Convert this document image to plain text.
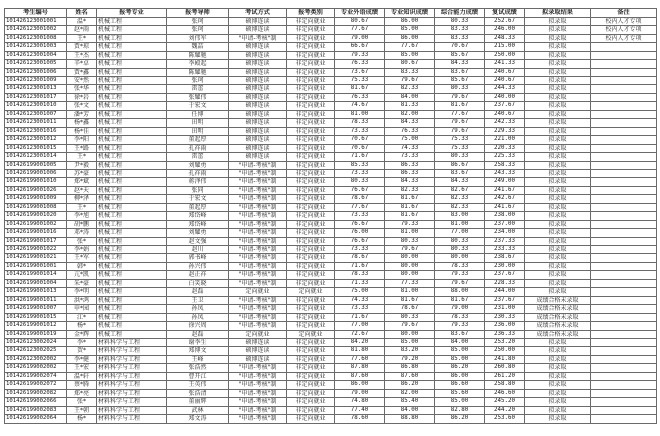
考生编号	姓名	报考专业	报考导师	考试方式	报考类别	专业外语成绩	专业知识成绩	综合能力成绩	复试成绩	拟录取结果	备注
101426123001001	温*	机械工程	张珂	硕博连读	非定向就业	80.67	86.00	80.33	252.67	拟录取	校内人才专项
101426123001002	赵*雨	机械工程	张珂	硕博连读	非定向就业	77.67	85.00	83.33	246.00	拟录取	校内人才专项
101426123001008	王*	机械工程	刘伟军	"申请-考核"制	非定向就业	79.00	86.00	83.33	248.33	拟录取	校内人才专项
101426123001003	贾*琼	机械工程	魏喆	硕博连读	非定向就业	66.67	77.67	70.67	215.00	拟录取	
101426123001004	王*杰	机械工程	陈耀驰	硕博连读	非定向就业	79.33	85.00	85.67	250.00	拟录取	
101426123001005	辛*卓	机械工程	李殿起	硕博连读	非定向就业	76.33	80.67	84.33	241.33	拟录取	
101426123001006	贾*鑫	机械工程	陈耀驰	硕博连读	非定向就业	73.67	83.33	83.67	240.67	拟录取	
101426123001009	安*然	机械工程	张珂	硕博连读	非定向就业	75.33	79.67	85.67	240.67	拟录取	
101426123001013	张*华	机械工程	雷蕾	硕博连读	非定向就业	81.67	82.33	80.33	244.33	拟录取	
101426123001017	徐*岩	机械工程	张耀伟	硕博连读	非定向就业	76.33	84.00	79.67	240.00	拟录取	
101426123001010	张*文	机械工程	于宏文	硕博连读	非定向就业	74.67	81.33	81.67	237.67	拟录取	
101426123001007	潘*芳	机械工程	任博	硕博连读	非定向就业	81.00	82.00	77.67	240.67	拟录取	
101426123001011	杨*鑫	机械工程	田明	硕博连读	非定向就业	78.33	84.33	79.67	242.33	拟录取	
101426123001016	杨*佳	机械工程	田明	硕博连读	非定向就业	73.33	76.33	79.67	229.33	拟录取	
101426123001012	李*阳	机械工程	董起厚	硕博连读	非定向就业	70.67	75.00	75.33	221.00	拟录取	
101426123001015	王*路	机械工程	孔祥雨	硕博连读	非定向就业	70.67	74.33	75.33	220.33	拟录取	
101426123001014	王*	机械工程	雷蕾	硕博连读	非定向就业	71.67	73.33	80.33	225.33	拟录取	
101426199001005	尹*毅	机械工程	刘耀勇	"申请-考核"制	非定向就业	85.33	86.33	86.67	258.33	拟录取	
101426199001006	苏*豪	机械工程	孔祥雨	"申请-考核"制	非定向就业	73.33	86.33	83.67	243.33	拟录取	
101426199001010	郑*斌	机械工程	蒋泽伟	"申请-考核"制	非定向就业	80.33	84.33	84.33	249.00	拟录取	
101426199001026	赵*天	机械工程	张同	"申请-考核"制	非定向就业	76.67	82.33	82.67	241.67	拟录取	
101426199001009	柳*泽	机械工程	于宏文	"申请-考核"制	非定向就业	78.67	81.67	82.33	242.67	拟录取	
101426199001008	王*	机械工程	董起厚	"申请-考核"制	非定向就业	77.67	81.67	82.33	241.67	拟录取	
101426199001020	李*旭	机械工程	郑岱峰	"申请-考核"制	非定向就业	73.33	81.67	83.00	238.00	拟录取	
101426199001002	胡*鹏	机械工程	郑岱峰	"申请-考核"制	非定向就业	76.67	79.33	81.00	237.00	拟录取	
101426199001016	邓*涛	机械工程	刘耀勇	"申请-考核"制	非定向就业	76.00	81.00	77.00	234.00	拟录取	
101426199001017	张*	机械工程	赵文强	"申请-考核"制	非定向就业	76.67	80.33	80.33	237.33	拟录取	
101426199001022	李*娟	机械工程	赵川	"申请-考核"制	非定向就业	73.33	79.67	80.33	233.33	拟录取	
101426199001021	王*军	机械工程	郭书峰	"申请-考核"制	非定向就业	78.67	80.00	80.00	238.67	拟录取	
101426199001001	韩*	机械工程	孙兴伟	"申请-考核"制	非定向就业	71.67	80.00	78.33	230.00	拟录取	
101426199001014	亢*凯	机械工程	赵正祥	"申请-考核"制	非定向就业	78.33	80.00	79.33	237.67	拟录取	
101426199001004	朱*豪	机械工程	白笑晓	"申请-考核"制	非定向就业	71.33	77.33	79.67	228.33	拟录取	
101426199001013	李*明	机械工程	赵磊	定向就业	定向就业	75.00	81.00	88.00	244.00	拟录取	
101426199001011	洪*鸿	机械工程	王卫	"申请-考核"制	非定向就业	74.33	81.67	81.67	237.67	成绩合格未录取	
101426199001007	申*园	机械工程	孙凤	"申请-考核"制	非定向就业	73.33	78.67	79.00	231.00	成绩合格未录取	
101426199001015	江*	机械工程	孙凤	"申请-考核"制	非定向就业	71.67	80.33	78.33	230.33	成绩合格未录取	
101426199001012	杨*	机械工程	徐兴周	"申请-考核"制	非定向就业	77.00	79.67	79.33	236.00	成绩合格未录取	
101426199001019	金*辉	机械工程	赵磊	定向就业	定向就业	72.67	80.00	83.67	236.33	成绩合格未录取	
101426123002024	李*	材料科学与工程	谢李生	硕博连读	非定向就业	84.20	85.00	84.00	253.20	拟录取	
101426123002025	贺*	材料科学与工程	郑博文	硕博连读	非定向就业	81.80	83.20	85.00	250.00	拟录取	
101426123002002	李*健	材料科学与工程	王峰	硕博连读	非定向就业	77.60	79.20	85.00	241.80	拟录取	
101426199002002	王*宏	材料科学与工程	张浩然	"申请-考核"制	非定向就业	87.80	86.80	86.20	260.80	拟录取	
101426199002074	温*轩	材料科学与工程	曹开江	"申请-考核"制	非定向就业	87.60	87.60	86.00	261.20	拟录取	
101426199002072	蔡*腾	材料科学与工程	王英伟	"申请-考核"制	非定向就业	86.00	86.20	86.60	258.80	拟录取	
101426199002082	郑*亮	材料科学与工程	张浩清	"申请-考核"制	非定向就业	79.00	82.00	85.60	246.60	拟录取	
101426199002066	张*	材料科学与工程	董丽辉	"申请-考核"制	非定向就业	74.80	85.40	85.00	245.20	拟录取	
101426199002083	王*朝	材料科学与工程	武林	"申请-考核"制	非定向就业	77.40	84.00	82.80	244.20	拟录取	
101426199002064	杨*	材料科学与工程	郑文涛	"申请-考核"制	非定向就业	78.60	88.80	86.20	253.60	拟录取	
